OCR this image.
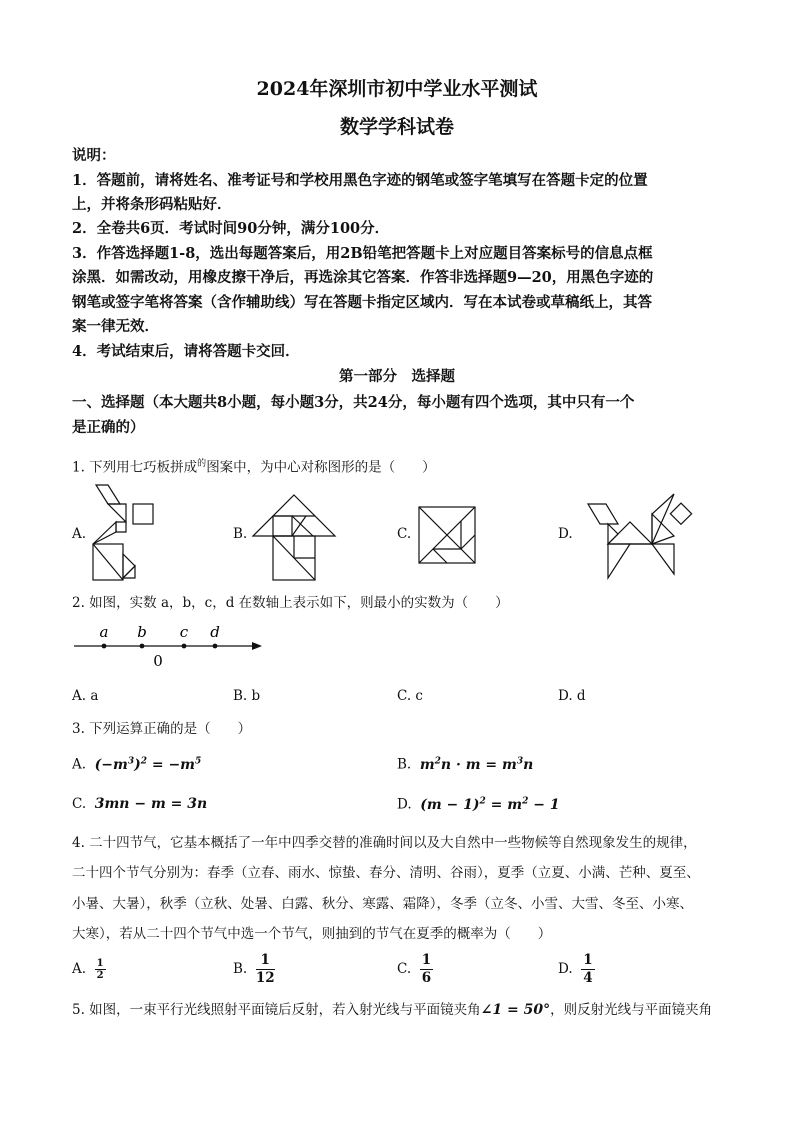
2024年深圳市初中学业水平测试
数学学科试卷
说明：
1．答题前，请将姓名、准考证号和学校用黑色字迹的钢笔或签字笔填写在答题卡定的位置
上，并将条形码粘贴好．
2．全卷共6页．考试时间90分钟，满分100分．
3．作答选择题1-8，选出每题答案后，用2B铅笔把答题卡上对应题目答案标号的信息点框
涂黑．如需改动，用橡皮擦干净后，再选涂其它答案．作答非选择题9—20，用黑色字迹的
钢笔或签字笔将答案（含作辅助线）写在答题卡指定区域内．写在本试卷或草稿纸上，其答
案一律无效．
4．考试结束后，请将答题卡交回．
第一部分　选择题
一、选择题（本大题共8小题，每小题3分，共24分，每小题有四个选项，其中只有一个
是正确的）
1. 下列用七巧板拼成$^的$图案中，为中心对称图形的是（　　）
A.	B.	C.	D.
2. 如图，实数 a，b，c，d 在数轴上表示如下，则最小的实数为（　　）
a b c d
0
A. a	B. b	C. c	D. d
3. 下列运算正确的是（　　）
A. $(-m^3)^2 = -m^5$	B. $m^2n \cdot m = m^3n$
C. 3mn − m = 3n	D. $(m - 1)^2 = m^2 - 1$
4. 二十四节气，它基本概括了一年中四季交替的准确时间以及大自然中一些物候等自然现象发生的规律，
二十四个节气分别为：春季（立春、雨水、惊蛰、春分、清明、谷雨），夏季（立夏、小满、芒种、夏至、
小暑、大暑），秋季（立秋、处暑、白露、秋分、寒露、霜降），冬季（立冬、小雪、大雪、冬至、小寒、
大寒），若从二十四个节气中选一个节气，则抽到的节气在夏季的概率为（　　）
A. $\frac{1}{2}$	B. $\frac{1}{12}$	C. $\frac{1}{6}$	D. $\frac{1}{4}$
5. 如图，一束平行光线照射平面镜后反射，若入射光线与平面镜夹角∠1 = 50°，则反射光线与平面镜夹角
